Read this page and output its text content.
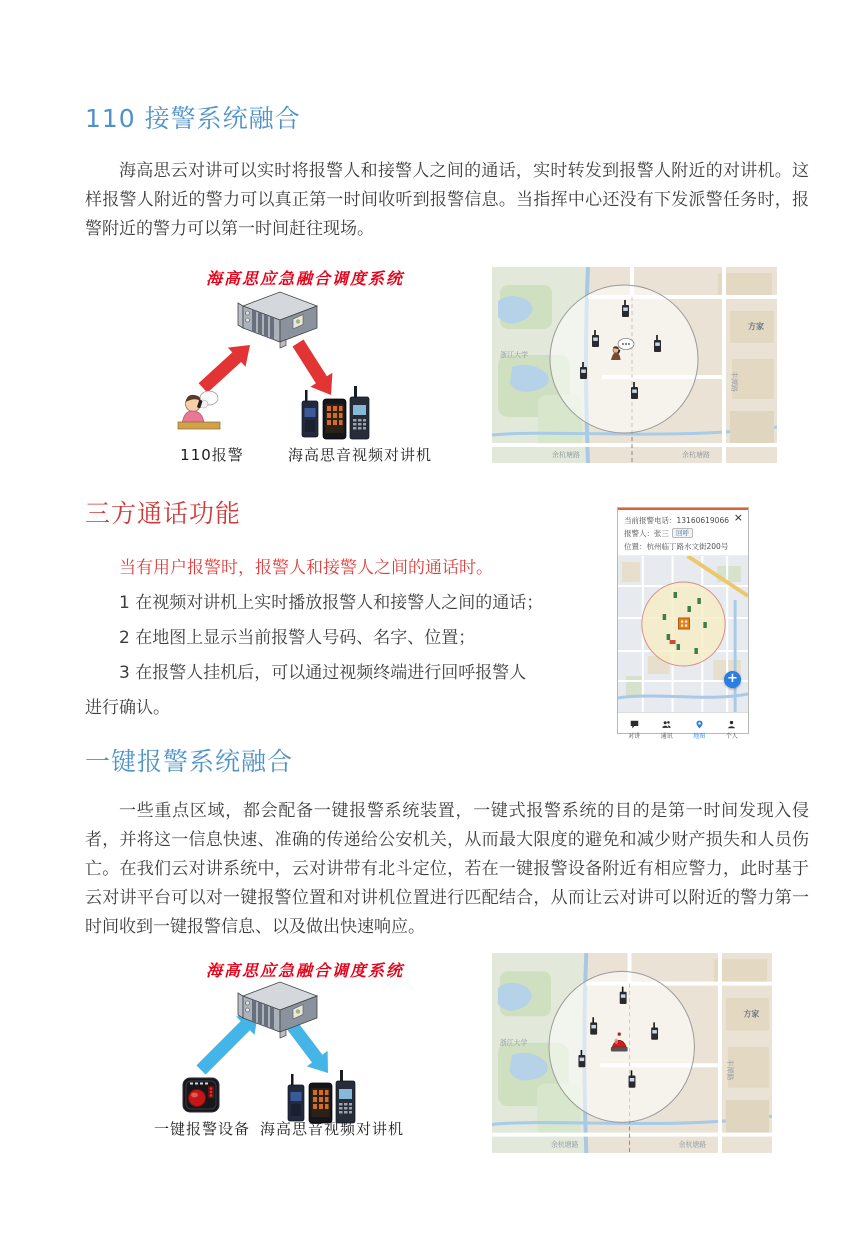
110 接警系统融合

海高思云对讲可以实时将报警人和接警人之间的通话，实时转发到报警人附近的对讲机。这样报警人附近的警力可以真正第一时间收听到报警信息。当指挥中心还没有下发派警任务时，报警附近的警力可以第一时间赶往现场。

海高思应急融合调度系统
110报警	海高思音视频对讲机
浙江大学
方家
丰潭路
余杭塘路	余杭塘路
三方通话功能
当有用户报警时，报警人和接警人之间的通话时。
1 在视频对讲机上实时播放报警人和接警人之间的通话；
2 在地图上显示当前报警人号码、名字、位置；
3 在报警人挂机后，可以通过视频终端进行回呼报警人
进行确认。
×
当前报警电话：13160619066
报警人：张三 回呼
位置：杭州临丁路水文街200号
+
对讲	通讯	地图	个人
一键报警系统融合

一些重点区域，都会配备一键报警系统装置，一键式报警系统的目的是第一时间发现入侵者，并将这一信息快速、准确的传递给公安机关，从而最大限度的避免和减少财产损失和人员伤亡。在我们云对讲系统中，云对讲带有北斗定位，若在一键报警设备附近有相应警力，此时基于云对讲平台可以对一键报警位置和对讲机位置进行匹配结合，从而让云对讲可以附近的警力第一时间收到一键报警信息、以及做出快速响应。

海高思应急融合调度系统
一键报警设备 海高思音视频对讲机
浙江大学
方家
丰潭路
余杭塘路	余杭塘路
